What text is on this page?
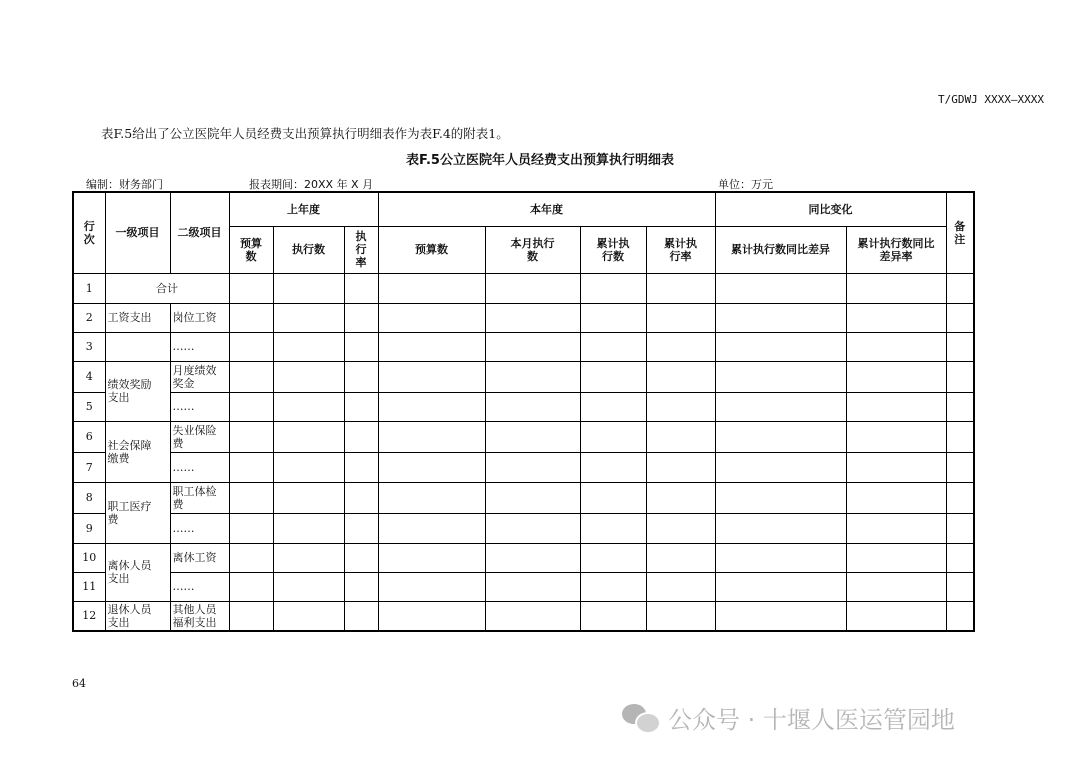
T/GDWJ XXXX—XXXX
表F.5给出了公立医院年人员经费支出预算执行明细表作为表F.4的附表1。
表F.5公立医院年人员经费支出预算执行明细表
编制：财务部门	报表期间：20XX 年 X 月	单位：万元
行次	一级项目	二级项目	上年度			本年度				同比变化		备注
			预算数	执行数	执行率	预算数	本月执行数	累计执行数	累计执行率	累计执行数同比差异	累计执行数同比差异率	
1	合计											
2	工资支出	岗位工资										
3		……										
4	绩效奖励支出	月度绩效奖金										
5		……										
6	社会保障缴费	失业保险费										
7		……										
8	职工医疗费	职工体检费										
9		……										
10	离休人员支出	离休工资										
11		……										
12	退休人员支出	其他人员福利支出										
64
公众号 · 十堰人医运管园地
